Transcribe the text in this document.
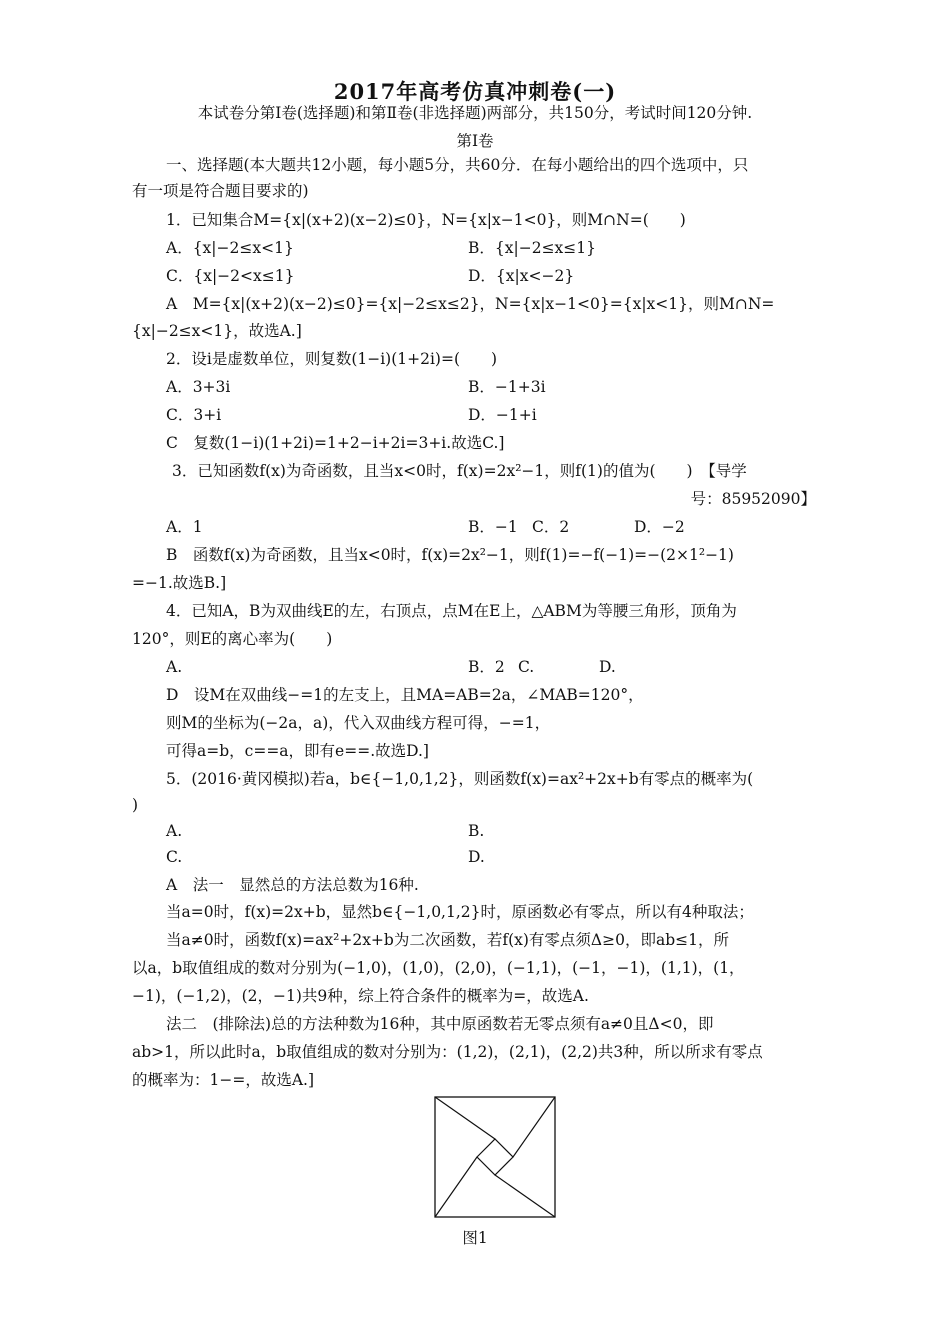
2017年高考仿真冲刺卷(一)
本试卷分第Ⅰ卷(选择题)和第Ⅱ卷(非选择题)两部分，共150分，考试时间120分钟.
第Ⅰ卷
一、选择题(本大题共12小题，每小题5分，共60分．在每小题给出的四个选项中，只
有一项是符合题目要求的)
1．已知集合M={x|(x+2)(x−2)≤0}，N={x|x−1<0}，则M∩N=(　　)
A．{x|−2≤x<1}	B．{x|−2≤x≤1}
C．{x|−2<x≤1}	D．{x|x<−2}
A　M={x|(x+2)(x−2)≤0}={x|−2≤x≤2}，N={x|x−1<0}={x|x<1}，则M∩N=
{x|−2≤x<1}，故选A.]
2．设i是虚数单位，则复数(1−i)(1+2i)=(　　)
A．3+3i	B．−1+3i
C．3+i	D．−1+i
C　复数(1−i)(1+2i)=1+2−i+2i=3+i.故选C.]
3．已知函数f(x)为奇函数，且当x<0时，f(x)=2x²−1，则f(1)的值为(　　)　【导学
号：85952090】
A．1	B．−1 C．2	D．−2
B　函数f(x)为奇函数，且当x<0时，f(x)=2x²−1，则f(1)=−f(−1)=−(2×1²−1)
=−1.故选B.]
4．已知A，B为双曲线E的左，右顶点，点M在E上，△ABM为等腰三角形，顶角为
120°，则E的离心率为(　　)
A.	B．2 C.	D.
D　设M在双曲线−=1的左支上，且MA=AB=2a，∠MAB=120°，
则M的坐标为(−2a，a)，代入双曲线方程可得，−=1，
可得a=b，c==a，即有e==.故选D.]
5．(2016·黄冈模拟)若a，b∈{−1,0,1,2}，则函数f(x)=ax²+2x+b有零点的概率为(
)
A.	B.
C.	D.
A　法一　显然总的方法总数为16种.
当a=0时，f(x)=2x+b，显然b∈{−1,0,1,2}时，原函数必有零点，所以有4种取法；
当a≠0时，函数f(x)=ax²+2x+b为二次函数，若f(x)有零点须Δ≥0，即ab≤1，所
以a，b取值组成的数对分别为(−1,0)，(1,0)，(2,0)，(−1,1)，(−1，−1)，(1,1)，(1，
−1)，(−1,2)，(2，−1)共9种，综上符合条件的概率为=，故选A.
法二　(排除法)总的方法种数为16种，其中原函数若无零点须有a≠0且Δ<0，即
ab>1，所以此时a，b取值组成的数对分别为：(1,2)，(2,1)，(2,2)共3种，所以所求有零点
的概率为：1−=，故选A.]
图1
